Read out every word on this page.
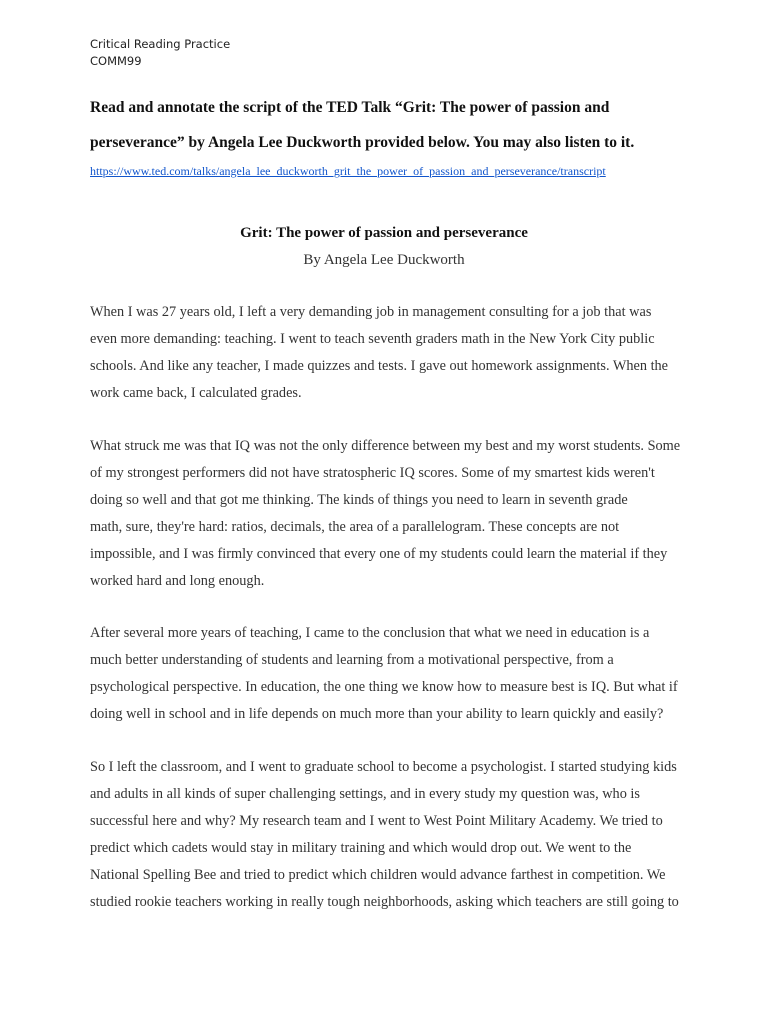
Critical Reading Practice
COMM99
Read and annotate the script of the TED Talk “Grit: The power of passion and
perseverance” by Angela Lee Duckworth provided below. You may also listen to it.
https://www.ted.com/talks/angela_lee_duckworth_grit_the_power_of_passion_and_perseverance/transcript
Grit: The power of passion and perseverance
By Angela Lee Duckworth

When I was 27 years old, I left a very demanding job in management consulting for a job that was
even more demanding: teaching. I went to teach seventh graders math in the New York City public
schools. And like any teacher, I made quizzes and tests. I gave out homework assignments. When the
work came back, I calculated grades.

What struck me was that IQ was not the only difference between my best and my worst students. Some
of my strongest performers did not have stratospheric IQ scores. Some of my smartest kids weren't
doing so well and that got me thinking. The kinds of things you need to learn in seventh grade
math, sure, they're hard: ratios, decimals, the area of a parallelogram. These concepts are not
impossible, and I was firmly convinced that every one of my students could learn the material if they
worked hard and long enough.

After several more years of teaching, I came to the conclusion that what we need in education is a
much better understanding of students and learning from a motivational perspective, from a
psychological perspective. In education, the one thing we know how to measure best is IQ. But what if
doing well in school and in life depends on much more than your ability to learn quickly and easily?

So I left the classroom, and I went to graduate school to become a psychologist. I started studying kids
and adults in all kinds of super challenging settings, and in every study my question was, who is
successful here and why? My research team and I went to West Point Military Academy. We tried to
predict which cadets would stay in military training and which would drop out. We went to the
National Spelling Bee and tried to predict which children would advance farthest in competition. We
studied rookie teachers working in really tough neighborhoods, asking which teachers are still going to
